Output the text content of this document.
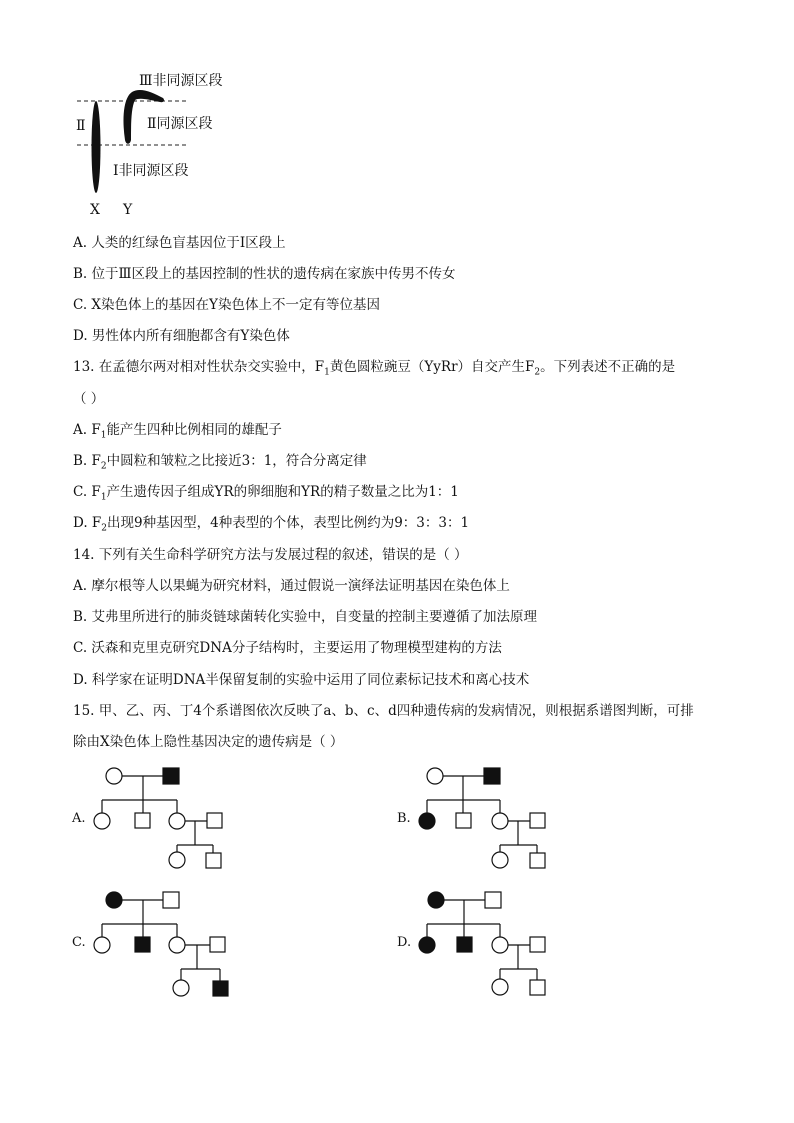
Ⅲ非同源区段
Ⅱ同源区段
Ⅰ非同源区段
Ⅱ
X Y
A. 人类的红绿色盲基因位于Ⅰ区段上
B. 位于Ⅲ区段上的基因控制的性状的遗传病在家族中传男不传女
C. X染色体上的基因在Y染色体上不一定有等位基因
D. 男性体内所有细胞都含有Y染色体
13. 在孟德尔两对相对性状杂交实验中，$F_1$黄色圆粒豌豆（YyRr）自交产生$F_2$。下列表述不正确的是
（ ）
A. $F_1$能产生四种比例相同的雄配子
B. $F_2$中圆粒和皱粒之比接近3：1，符合分离定律
C. $F_1$产生遗传因子组成YR的卵细胞和YR的精子数量之比为1：1
D. $F_2$出现9种基因型，4种表型的个体，表型比例约为9：3：3：1
14. 下列有关生命科学研究方法与发展过程的叙述，错误的是（ ）
A. 摩尔根等人以果蝇为研究材料，通过假说一演绎法证明基因在染色体上
B. 艾弗里所进行的肺炎链球菌转化实验中，自变量的控制主要遵循了加法原理
C. 沃森和克里克研究DNA分子结构时，主要运用了物理模型建构的方法
D. 科学家在证明DNA半保留复制的实验中运用了同位素标记技术和离心技术
15. 甲、乙、丙、丁4个系谱图依次反映了a、b、c、d四种遗传病的发病情况，则根据系谱图判断，可排
除由X染色体上隐性基因决定的遗传病是（ ）
A.	B.
C.	D.
